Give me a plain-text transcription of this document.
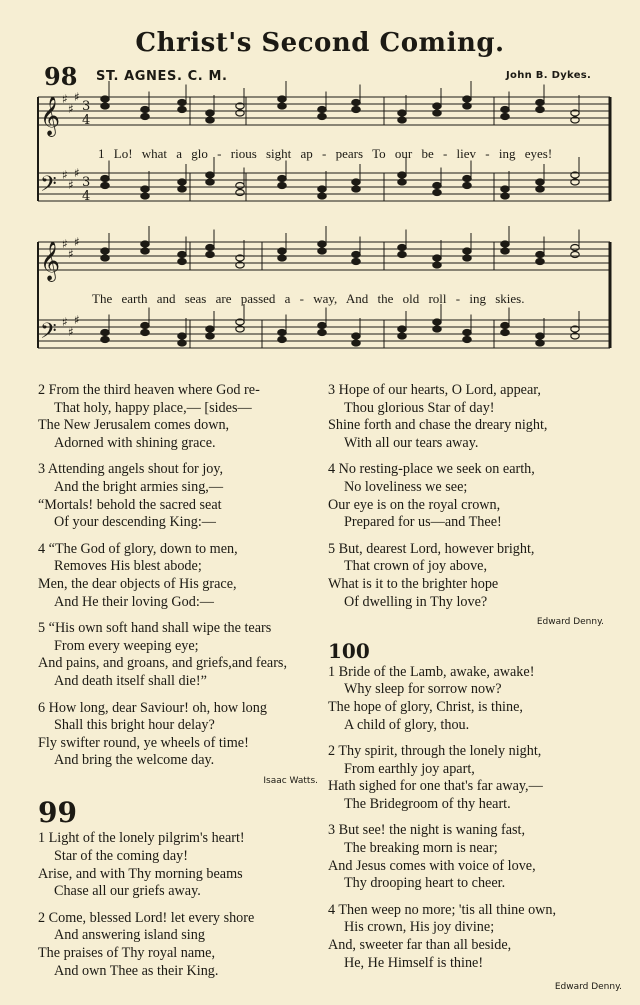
Christ's Second Coming.
98 ST. AGNES. C. M.	John B. Dykes.
𝄞 ♯
♯
♯
3
4
𝄢 ♯
♯
♯
3
4
𝄞 ♯
♯
♯
𝄢 ♯
♯
♯
1 Lo! what a glo - rious sight ap - pears To our be - liev - ing eyes!
The earth and seas are passed a - way, And the old roll - ing skies.
2 From the third heaven where God re-
That holy, happy place,— [sides—
The New Jerusalem comes down,
Adorned with shining grace.
3 Attending angels shout for joy,
And the bright armies sing,—
“Mortals! behold the sacred seat
Of your descending King:—
4 “The God of glory, down to men,
Removes His blest abode;
Men, the dear objects of His grace,
And He their loving God:—
5 “His own soft hand shall wipe the tears
From every weeping eye;
And pains, and groans, and griefs,and fears,
And death itself shall die!”
6 How long, dear Saviour! oh, how long
Shall this bright hour delay?
Fly swifter round, ye wheels of time!
And bring the welcome day.
Isaac Watts.
99
1 Light of the lonely pilgrim's heart!
Star of the coming day!
Arise, and with Thy morning beams
Chase all our griefs away.
2 Come, blessed Lord! let every shore
And answering island sing
The praises of Thy royal name,
And own Thee as their King.
3 Hope of our hearts, O Lord, appear,
Thou glorious Star of day!
Shine forth and chase the dreary night,
With all our tears away.
4 No resting-place we seek on earth,
No loveliness we see;
Our eye is on the royal crown,
Prepared for us—and Thee!
5 But, dearest Lord, however bright,
That crown of joy above,
What is it to the brighter hope
Of dwelling in Thy love?
Edward Denny.
100
1 Bride of the Lamb, awake, awake!
Why sleep for sorrow now?
The hope of glory, Christ, is thine,
A child of glory, thou.
2 Thy spirit, through the lonely night,
From earthly joy apart,
Hath sighed for one that's far away,—
The Bridegroom of thy heart.
3 But see! the night is waning fast,
The breaking morn is near;
And Jesus comes with voice of love,
Thy drooping heart to cheer.
4 Then weep no more; 'tis all thine own,
His crown, His joy divine;
And, sweeter far than all beside,
He, He Himself is thine!
Edward Denny.
